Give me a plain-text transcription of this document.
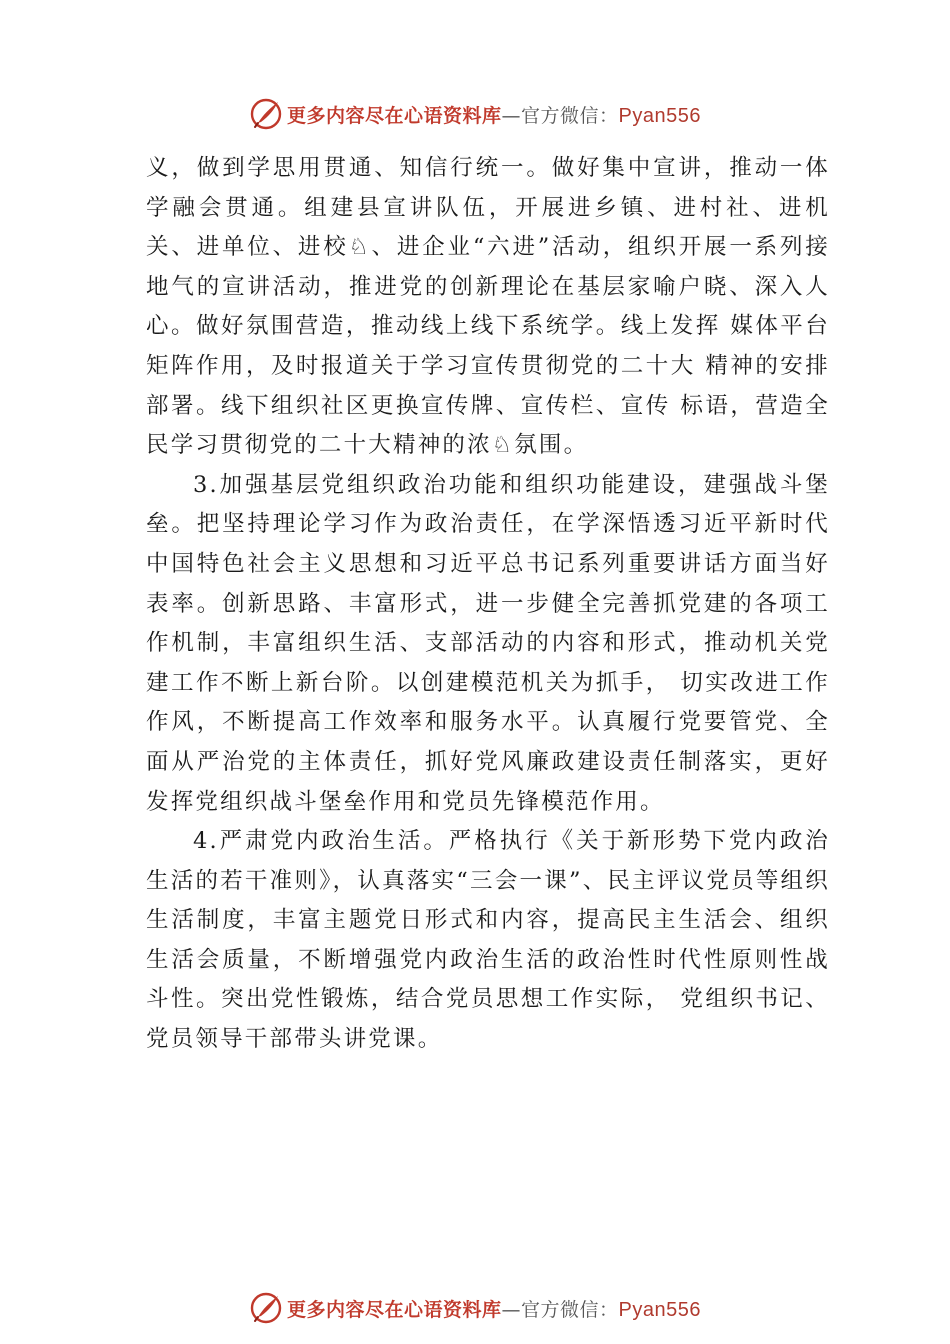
更多内容尽在心语资料库—官方微信：Pyan556

义，做到学思用贯通、知信行统一。做好集中宣讲，推动一体学融会贯通。组建县宣讲队伍，开展进乡镇、进村社、进机关、进单位、进校♘、进企业“六进”活动，组织开展一系列接地气的宣讲活动，推进党的创新理论在基层家喻户晓、深入人心。做好氛围营造，推动线上线下系统学。线上发挥 媒体平台矩阵作用，及时报道关于学习宣传贯彻党的二十大 精神的安排部署。线下组织社区更换宣传牌、宣传栏、宣传 标语，营造全民学习贯彻党的二十大精神的浓♘氛围。

3.加强基层党组织政治功能和组织功能建设，建强战斗堡垒。把坚持理论学习作为政治责任，在学深悟透习近平新时代中国特色社会主义思想和习近平总书记系列重要讲话方面当好表率。创新思路、丰富形式，进一步健全完善抓党建的各项工作机制，丰富组织生活、支部活动的内容和形式，推动机关党建工作不断上新台阶。以创建模范机关为抓手， 切实改进工作作风，不断提高工作效率和服务水平。认真履行党要管党、全面从严治党的主体责任，抓好党风廉政建设责任制落实，更好发挥党组织战斗堡垒作用和党员先锋模范作用。

4.严肃党内政治生活。严格执行《关于新形势下党内政治生活的若干准则》，认真落实“三会一课”、民主评议党员等组织生活制度，丰富主题党日形式和内容，提高民主生活会、组织生活会质量，不断增强党内政治生活的政治性时代性原则性战斗性。突出党性锻炼，结合党员思想工作实际， 党组织书记、党员领导干部带头讲党课。

更多内容尽在心语资料库—官方微信：Pyan556
